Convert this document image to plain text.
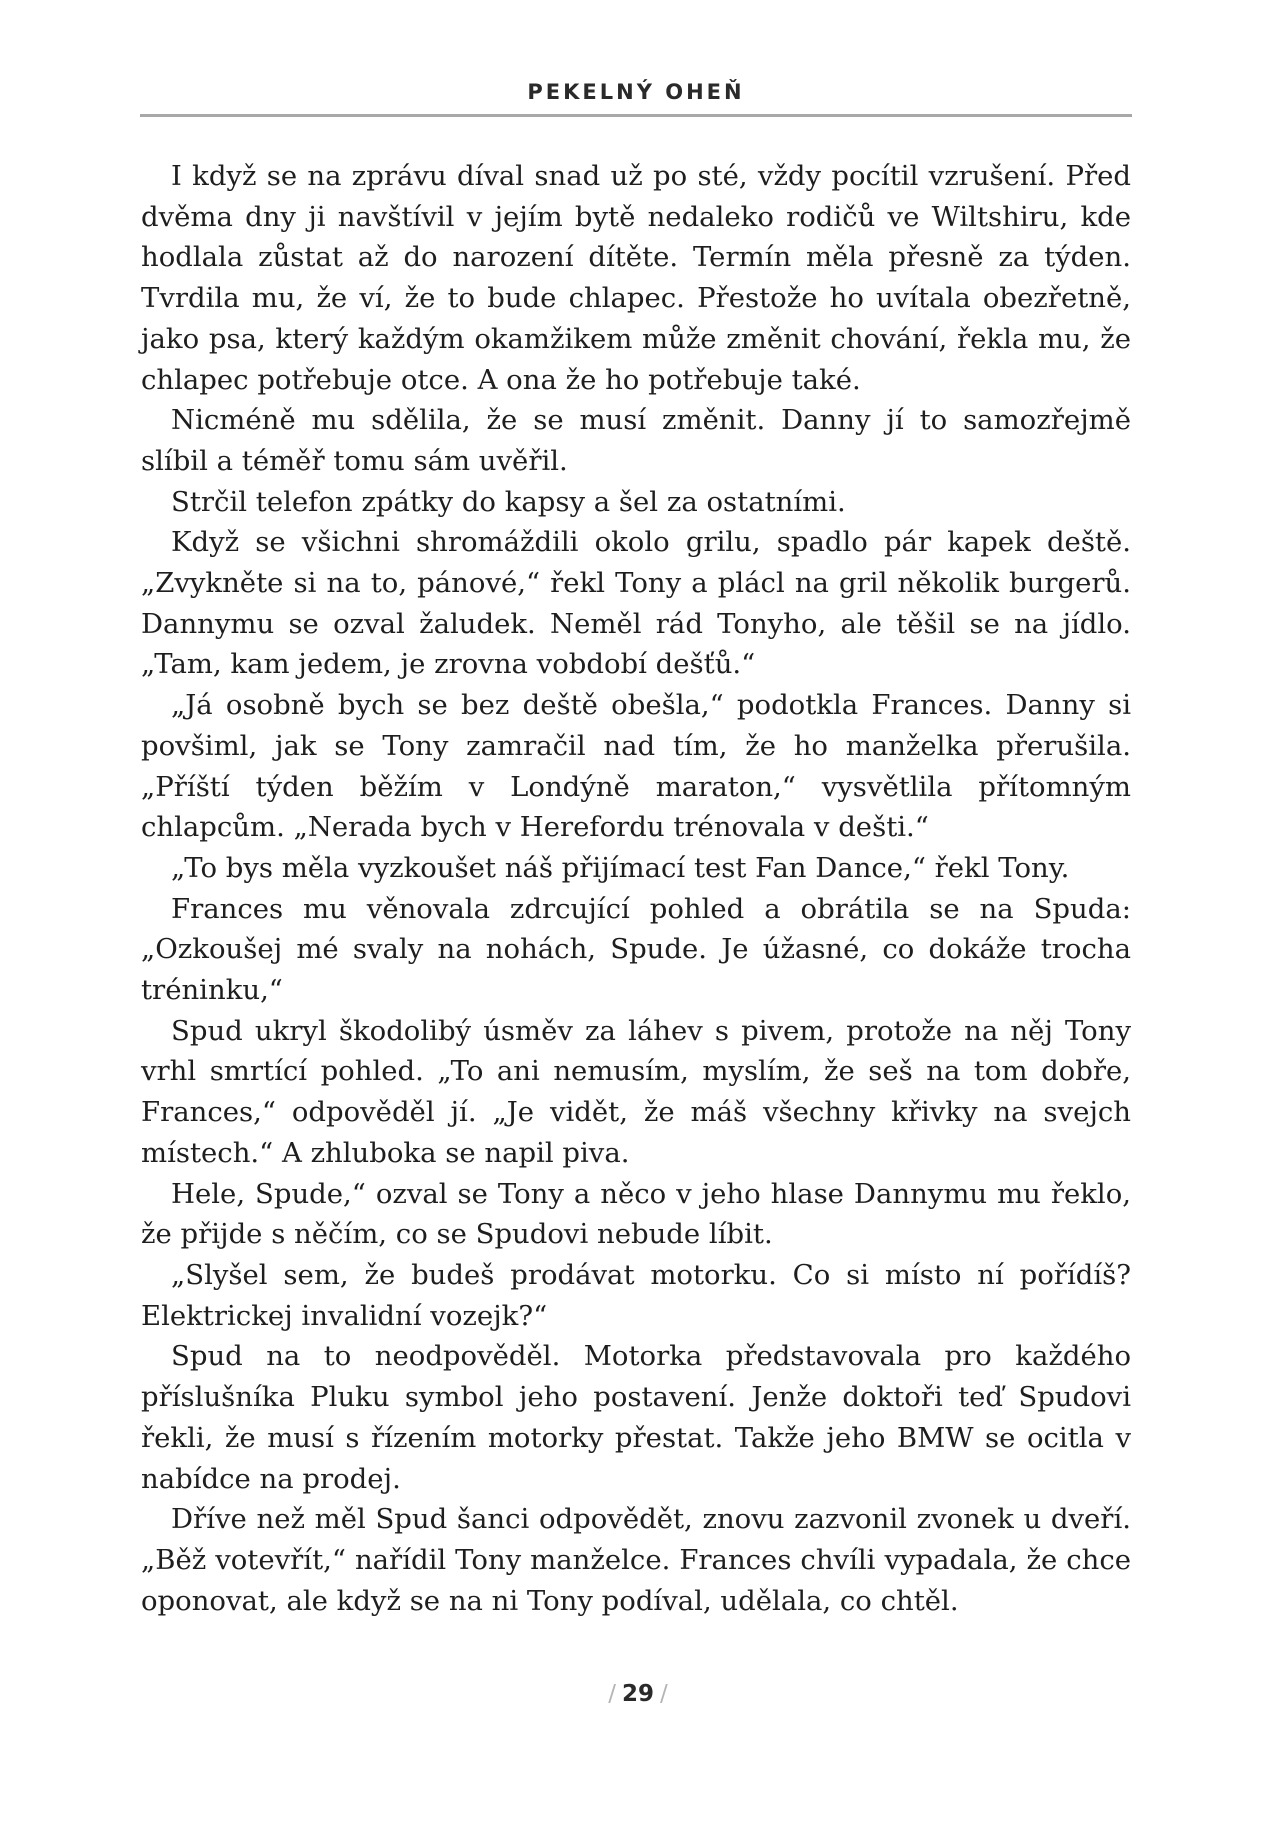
PEKELNÝ OHEŇ

I když se na zprávu díval snad už po sté, vždy pocítil vzrušení. Před dvěma dny ji navštívil v jejím bytě nedaleko rodičů ve Wiltshiru, kde hodlala zůstat až do narození dítěte. Termín měla přesně za týden. Tvrdila mu, že ví, že to bude chlapec. Přestože ho uvítala obezřetně, jako psa, který každým okamžikem může změnit chování, řekla mu, že chlapec potřebuje otce. A ona že ho potřebuje také.

Nicméně mu sdělila, že se musí změnit. Danny jí to samozřejmě slíbil a téměř tomu sám uvěřil.

Strčil telefon zpátky do kapsy a šel za ostatními.

Když se všichni shromáždili okolo grilu, spadlo pár kapek deště. „Zvykněte si na to, pánové,“ řekl Tony a plácl na gril několik burgerů. Dannymu se ozval žaludek. Neměl rád Tonyho, ale těšil se na jídlo. „Tam, kam jedem, je zrovna vobdobí dešťů.“

„Já osobně bych se bez deště obešla,“ podotkla Frances. Danny si povšiml, jak se Tony zamračil nad tím, že ho manželka přerušila. „Příští týden běžím v Londýně maraton,“ vysvětlila přítomným chlapcům. „Nerada bych v Herefordu trénovala v dešti.“

„To bys měla vyzkoušet náš přijímací test Fan Dance,“ řekl Tony.

Frances mu věnovala zdrcující pohled a obrátila se na Spuda: „Ozkoušej mé svaly na nohách, Spude. Je úžasné, co dokáže trocha tréninku,“

Spud ukryl škodolibý úsměv za láhev s pivem, protože na něj Tony vrhl smrtící pohled. „To ani nemusím, myslím, že seš na tom dobře, Frances,“ odpověděl jí. „Je vidět, že máš všechny křivky na svejch místech.“ A zhluboka se napil piva.

Hele, Spude,“ ozval se Tony a něco v jeho hlase Dannymu mu řeklo, že přijde s něčím, co se Spudovi nebude líbit.

„Slyšel sem, že budeš prodávat motorku. Co si místo ní pořídíš? Elektrickej invalidní vozejk?“

Spud na to neodpověděl. Motorka představovala pro každého příslušníka Pluku symbol jeho postavení. Jenže doktoři teď Spudovi řekli, že musí s řízením motorky přestat. Takže jeho BMW se ocitla v nabídce na prodej.

Dříve než měl Spud šanci odpovědět, znovu zazvonil zvonek u dveří. „Běž votevřít,“ nařídil Tony manželce. Frances chvíli vypadala, že chce oponovat, ale když se na ni Tony podíval, udělala, co chtěl.

/ 29 /
